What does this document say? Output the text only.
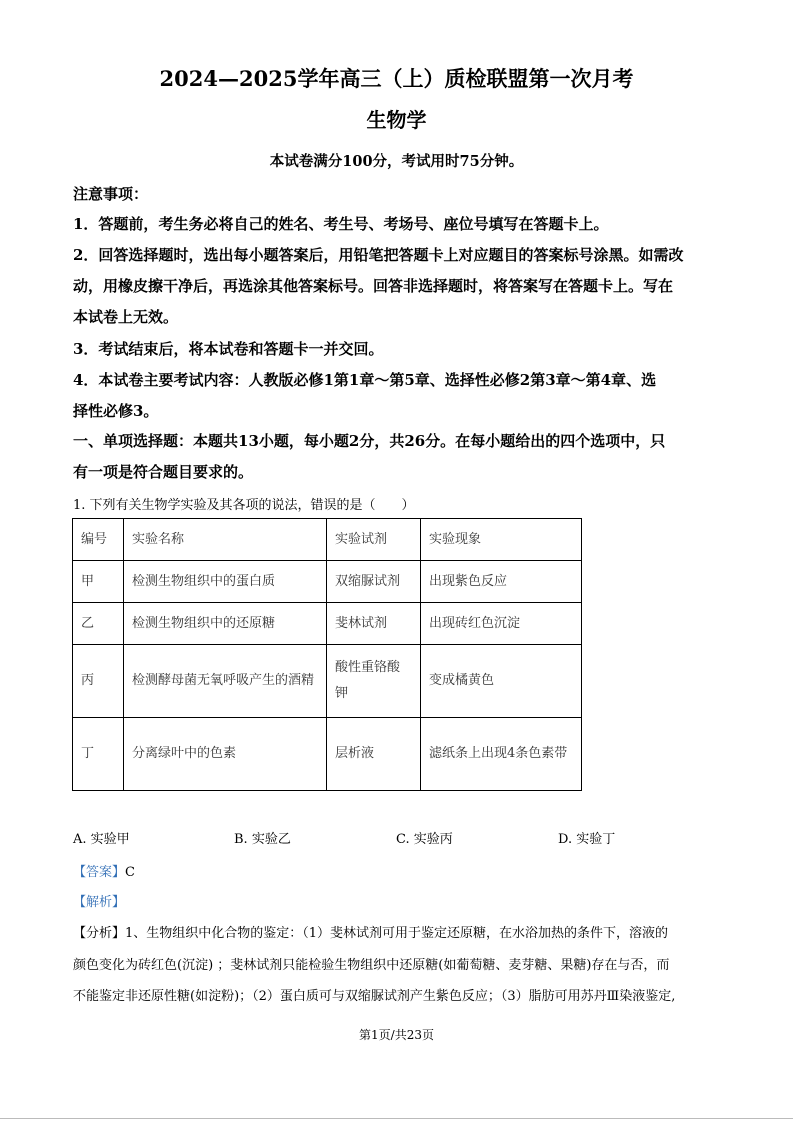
2024—2025学年高三（上）质检联盟第一次月考
生物学
本试卷满分100分，考试用时75分钟。
注意事项：
1．答题前，考生务必将自己的姓名、考生号、考场号、座位号填写在答题卡上。
2．回答选择题时，选出每小题答案后，用铅笔把答题卡上对应题目的答案标号涂黑。如需改
动，用橡皮擦干净后，再选涂其他答案标号。回答非选择题时，将答案写在答题卡上。写在
本试卷上无效。
3．考试结束后，将本试卷和答题卡一并交回。
4．本试卷主要考试内容：人教版必修1第1章～第5章、选择性必修2第3章～第4章、选
择性必修3。
一、单项选择题：本题共13小题，每小题2分，共26分。在每小题给出的四个选项中，只
有一项是符合题目要求的。
1. 下列有关生物学实验及其各项的说法，错误的是（　　）
编号	实验名称	实验试剂	实验现象
甲	检测生物组织中的蛋白质	双缩脲试剂	出现紫色反应
乙	检测生物组织中的还原糖	斐林试剂	出现砖红色沉淀
丙	检测酵母菌无氧呼吸产生的酒精	酸性重铬酸钾	变成橘黄色
丁	分离绿叶中的色素	层析液	滤纸条上出现4条色素带
A. 实验甲	B. 实验乙	C. 实验丙	D. 实验丁
【答案】C
【解析】
【分析】1、生物组织中化合物的鉴定：（1）斐林试剂可用于鉴定还原糖，在水浴加热的条件下，溶液的
颜色变化为砖红色(沉淀) ；斐林试剂只能检验生物组织中还原糖(如葡萄糖、麦芽糖、果糖)存在与否，而
不能鉴定非还原性糖(如淀粉)；（2）蛋白质可与双缩脲试剂产生紫色反应；（3）脂肪可用苏丹Ⅲ染液鉴定,
第1页/共23页
